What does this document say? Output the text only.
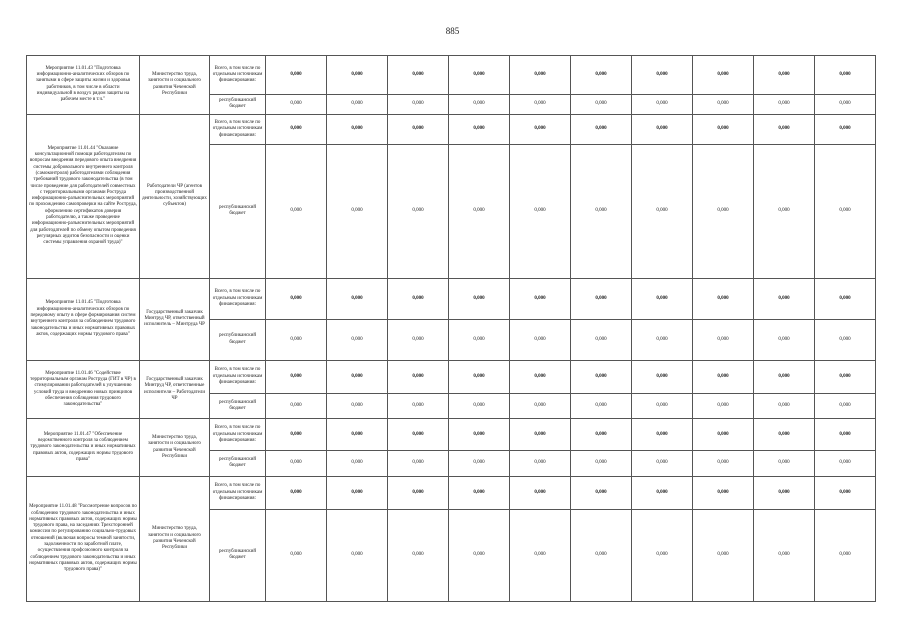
885
Мероприятие 11.01.43 "Подготовка информационно-аналитических обзоров по занятыми в сфере защиты жизни и здоровья работников, в том числе в области индивидуальной в воздух рядом защиты на рабочем месте в т.ч."	Министерство труда, занятости и социального развития Чеченской Республики	Всего, в том числе по отдельным источникам финансирования:	0,000	0,000	0,000	0,000	0,000	0,000	0,000	0,000	0,000	0,000
		республиканский бюджет	0,000	0,000	0,000	0,000	0,000	0,000	0,000	0,000	0,000	0,000
Мероприятие 11.01.44 "Оказание консультационной помощи работодателям по вопросам внедрения передового опыта внедрения системы добровольного внутреннего контроля (самоконтроля) работодателями соблюдения требований трудового законодательства (в том числе проведение для работодателей совместных с территориальными органами Роструда информационно-разъяснительных мероприятий по прохождению самопроверки на сайте Роструда, оформлению сертификатов доверия работодателю, а также проведение информационно-разъяснительных мероприятий для работодателей по обмену опытом проведения регулярных аудитов безопасности и оценки системы управления охраной труда)"	Работодатели ЧР (агентов производственной деятельности, хозяйствующих субъектов)	Всего, в том числе по отдельным источникам финансирования:	0,000	0,000	0,000	0,000	0,000	0,000	0,000	0,000	0,000	0,000
		республиканский бюджет	0,000	0,000	0,000	0,000	0,000	0,000	0,000	0,000	0,000	0,000
Мероприятие 11.01.45 "Подготовка информационно-аналитических обзоров по передовому опыту в сфере формирования систем внутреннего контроля за соблюдением трудового законодательства и иных нормативных правовых актов, содержащих нормы трудового права"	Государственный заказчик Минтруд ЧР, ответственный исполнитель – Минтруда ЧР	Всего, в том числе по отдельным источникам финансирования:	0,000	0,000	0,000	0,000	0,000	0,000	0,000	0,000	0,000	0,000
		республиканский бюджет	0,000	0,000	0,000	0,000	0,000	0,000	0,000	0,000	0,000	0,000
Мероприятие 11.01.46 "Содействие территориальным органам Роструда (ГИТ в ЧР) в стимулировании работодателей к улучшению условий труда и внедрению новых принципов обеспечения соблюдения трудового законодательства"	Государственный заказчик Минтруд ЧР, ответственные исполнители – Работодатели ЧР	Всего, в том числе по отдельным источникам финансирования:	0,000	0,000	0,000	0,000	0,000	0,000	0,000	0,000	0,000	0,000
		республиканский бюджет	0,000	0,000	0,000	0,000	0,000	0,000	0,000	0,000	0,000	0,000
Мероприятие 11.01.47 "Обеспечение ведомственного контроля за соблюдением трудового законодательства и иных нормативных правовых актов, содержащих нормы трудового права"	Министерство труда, занятости и социального развития Чеченской Республики	Всего, в том числе по отдельным источникам финансирования:	0,000	0,000	0,000	0,000	0,000	0,000	0,000	0,000	0,000	0,000
		республиканский бюджет	0,000	0,000	0,000	0,000	0,000	0,000	0,000	0,000	0,000	0,000
Мероприятие 11.01.48 "Рассмотрение вопросов по соблюдению трудового законодательства и иных нормативных правовых актов, содержащих нормы трудового права, на заседаниях Трехсторонней комиссии по регулированию социально-трудовых отношений (включая вопросы темной занятости, задолженности по заработной плате, осуществления профсоюзного контроля за соблюдением трудового законодательства и иных нормативных правовых актов, содержащих нормы трудового права)"	Министерство труда, занятости и социального развития Чеченской Республики	Всего, в том числе по отдельным источникам финансирования:	0,000	0,000	0,000	0,000	0,000	0,000	0,000	0,000	0,000	0,000
		республиканский бюджет	0,000	0,000	0,000	0,000	0,000	0,000	0,000	0,000	0,000	0,000
